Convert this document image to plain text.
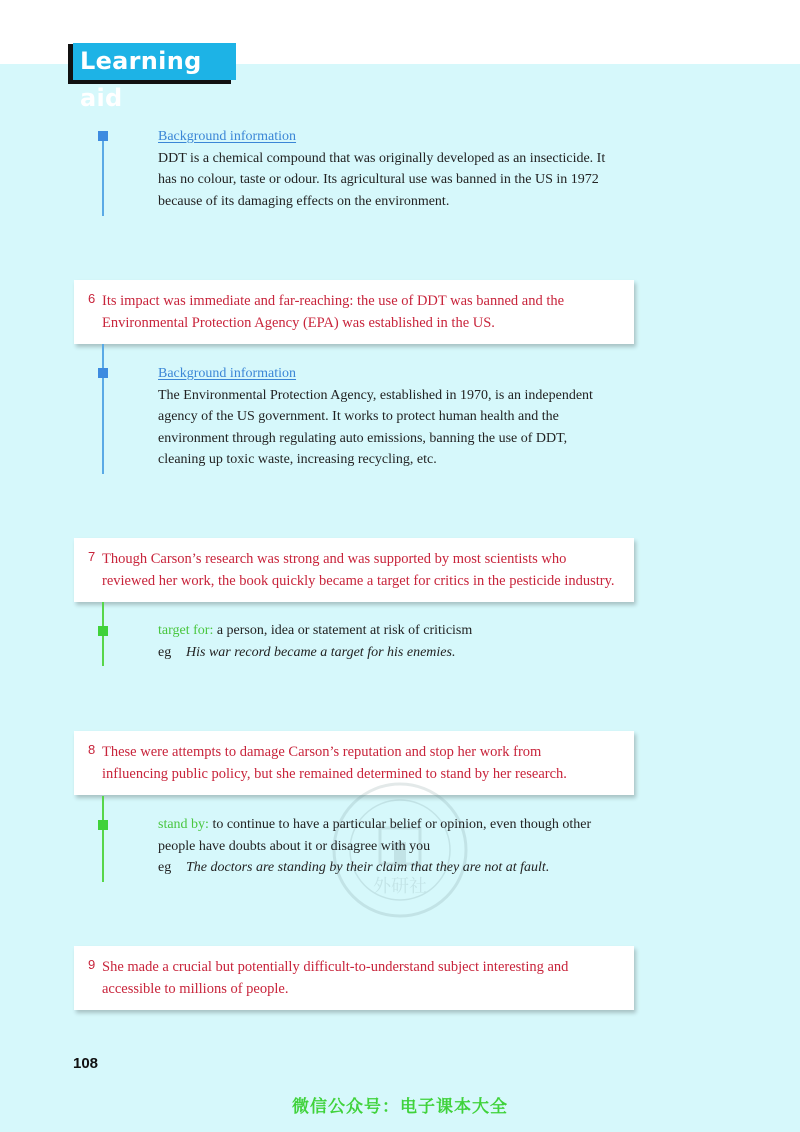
Learning aid
Background information
DDT is a chemical compound that was originally developed as an insecticide. It
has no colour, taste or odour. Its agricultural use was banned in the US in 1972
because of its damaging effects on the environment.
6 Its impact was immediate and far-reaching: the use of DDT was banned and the
Environmental Protection Agency (EPA) was established in the US.
Background information
The Environmental Protection Agency, established in 1970, is an independent
agency of the US government. It works to protect human health and the
environment through regulating auto emissions, banning the use of DDT,
cleaning up toxic waste, increasing recycling, etc.
7 Though Carson’s research was strong and was supported by most scientists who
reviewed her work, the book quickly became a target for critics in the pesticide industry.
target for: a person, idea or statement at risk of criticism
eg His war record became a target for his enemies.
8 These were attempts to damage Carson’s reputation and stop her work from
influencing public policy, but she remained determined to stand by her research.
外研社
stand by: to continue to have a particular belief or opinion, even though other
people have doubts about it or disagree with you
eg The doctors are standing by their claim that they are not at fault.
9 She made a crucial but potentially difficult-to-understand subject interesting and
accessible to millions of people.
108
微信公众号：电子课本大全
